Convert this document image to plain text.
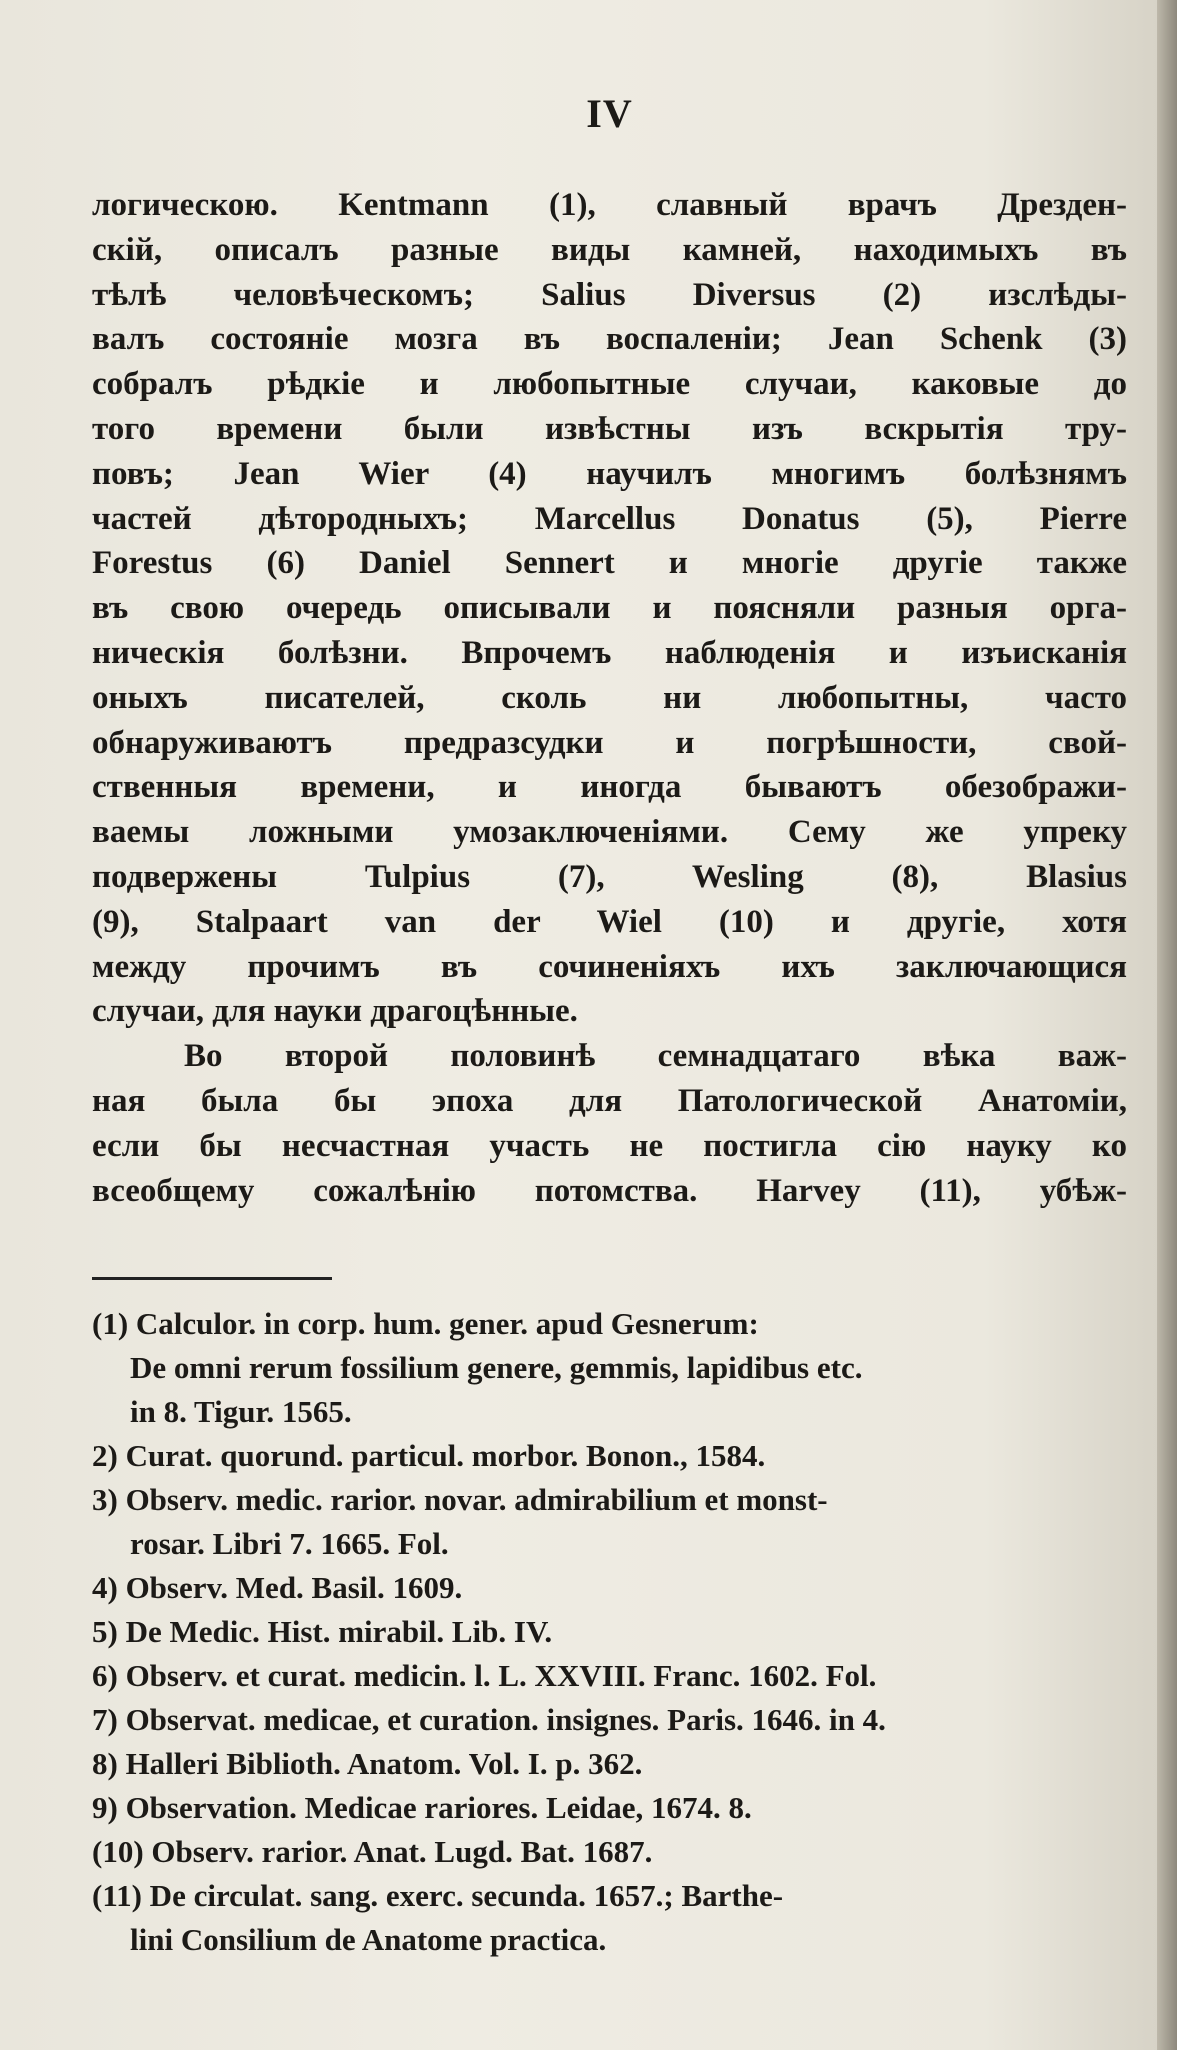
IV
логическою. Kentmann (1), славный врачъ Дрезден-
скій, описалъ разные виды камней, находимыхъ въ
тѣлѣ человѣческомъ; Salius Diversus (2) изслѣды-
валъ состояніе мозга въ воспаленіи; Jean Schenk (3)
собралъ рѣдкіе и любопытные случаи, каковые до
того времени были извѣстны изъ вскрытія тру-
повъ; Jean Wier (4) научилъ многимъ болѣзнямъ
частей дѣтородныхъ; Marcellus Donatus (5), Pierre
Forestus (6) Daniel Sennert и многіе другіе также
въ свою очередь описывали и поясняли разныя орга-
ническія болѣзни. Впрочемъ наблюденія и изъисканія
оныхъ писателей, сколь ни любопытны, часто
обнаруживаютъ предразсудки и погрѣшности, свой-
ственныя времени, и иногда бываютъ обезображи-
ваемы ложными умозаключеніями. Сему же упреку
подвержены Tulpius (7), Wesling (8), Blasius
(9), Stalpaart van der Wiel (10) и другіе, хотя
между прочимъ въ сочиненіяхъ ихъ заключающися
случаи, для науки драгоцѣнные.
Во второй половинѣ семнадцатаго вѣка важ-
ная была бы эпоха для Патологической Анатоміи,
если бы несчастная участь не постигла сію науку ко
всеобщему сожалѣнію потомства. Harvey (11), убѣж-
(1) Calculor. in corp. hum. gener. apud Gesnerum:
De omni rerum fossilium genere, gemmis, lapidibus etc.
in 8. Tigur. 1565.
2) Curat. quorund. particul. morbor. Bonon., 1584.
3) Observ. medic. rarior. novar. admirabilium et monst-
rosar. Libri 7. 1665. Fol.
4) Observ. Med. Basil. 1609.
5) De Medic. Hist. mirabil. Lib. IV.
6) Observ. et curat. medicin. l. L. XXVIII. Franc. 1602. Fol.
7) Observat. medicae, et curation. insignes. Paris. 1646. in 4.
8) Halleri Biblioth. Anatom. Vol. I. p. 362.
9) Observation. Medicae rariores. Leidae, 1674. 8.
(10) Observ. rarior. Anat. Lugd. Bat. 1687.
(11) De circulat. sang. exerc. secunda. 1657.; Barthe-
lini Consilium de Anatome practica.
